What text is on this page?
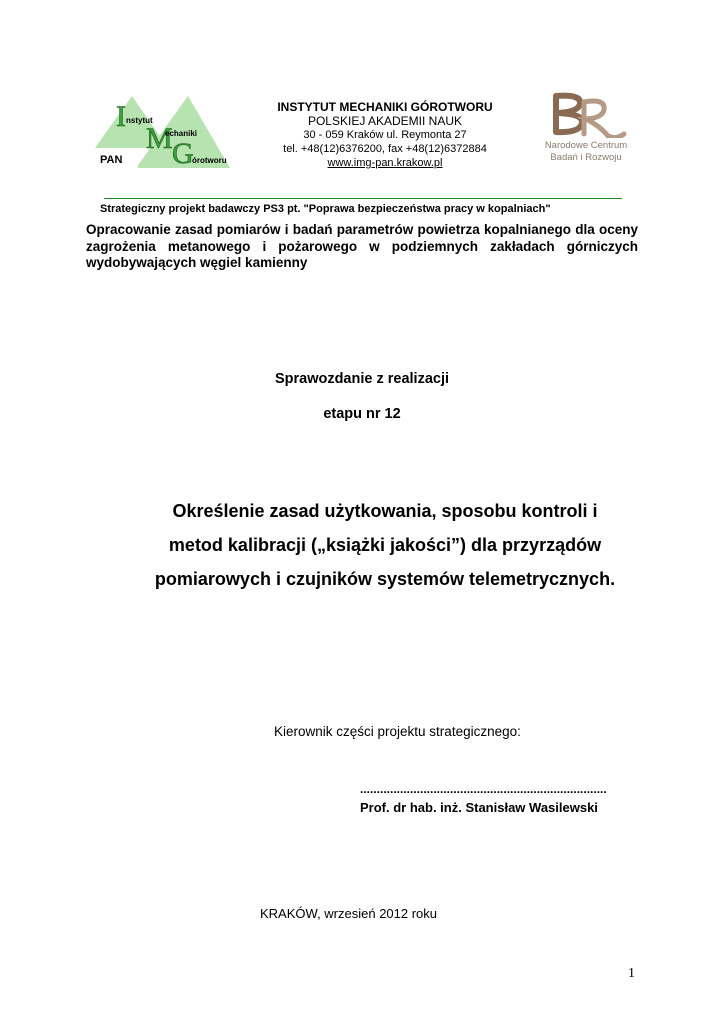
I nstytut
M
echaniki
G
órotworu
PAN
INSTYTUT MECHANIKI GÓROTWORU
POLSKIEJ AKADEMII NAUK
30 - 059 Kraków ul. Reymonta 27
tel. +48(12)6376200, fax +48(12)6372884
www.img-pan.krakow.pl
Narodowe Centrum
Badań i Rozwoju
Strategiczny projekt badawczy PS3 pt. "Poprawa bezpieczeństwa pracy w kopalniach"
Opracowanie zasad pomiarów i badań parametrów powietrza kopalnianego dla oceny zagrożenia metanowego i pożarowego w podziemnych zakładach górniczych wydobywających węgiel kamienny
Sprawozdanie z realizacji
etapu nr 12
Określenie zasad użytkowania, sposobu kontroli i
metod kalibracji („książki jakości”) dla przyrządów
pomiarowych i czujników systemów telemetrycznych.
Kierownik części projektu strategicznego:
..........................................................................
Prof. dr hab. inż. Stanisław Wasilewski
KRAKÓW, wrzesień 2012 roku
1
